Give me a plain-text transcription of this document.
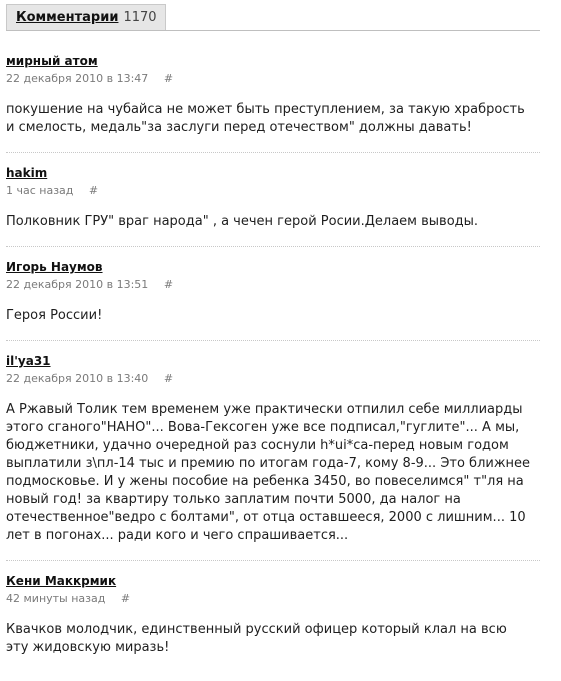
Комментарии 1170
мирный атом
22 декабря 2010 в 13:47 #
покушение на чубайса не может быть преступлением, за такую храбрость и смелость, медаль"за заслуги перед отечеством" должны давать!
hakim
1 час назад #
Полковник ГРУ" враг народа" , а чечен герой Росии.Делаем выводы.
Игорь Наумов
22 декабря 2010 в 13:51 #
Героя России!
il'ya31
22 декабря 2010 в 13:40 #
А Ржавый Толик тем временем уже практически отпилил себе миллиарды этого сганого"НАНО"... Вова-Гексоген уже все подписал,"гуглите"... А мы, бюджетники, удачно очередной раз соснули h*ui*са-перед новым годом выплатили з\пл-14 тыс и премию по итогам года-7, кому 8-9... Это ближнее подмосковье. И у жены пособие на ребенка 3450, во повеселимся" т"ля на новый год! за квартиру только заплатим почти 5000, да налог на отечественное"ведро с болтами", от отца оставшееся, 2000 с лишним... 10 лет в погонах... ради кого и чего спрашивается...
Кени Маккрмик
42 минуты назад #
Квачков молодчик, единственный русский офицер который клал на всю эту жидовскую миразь!
